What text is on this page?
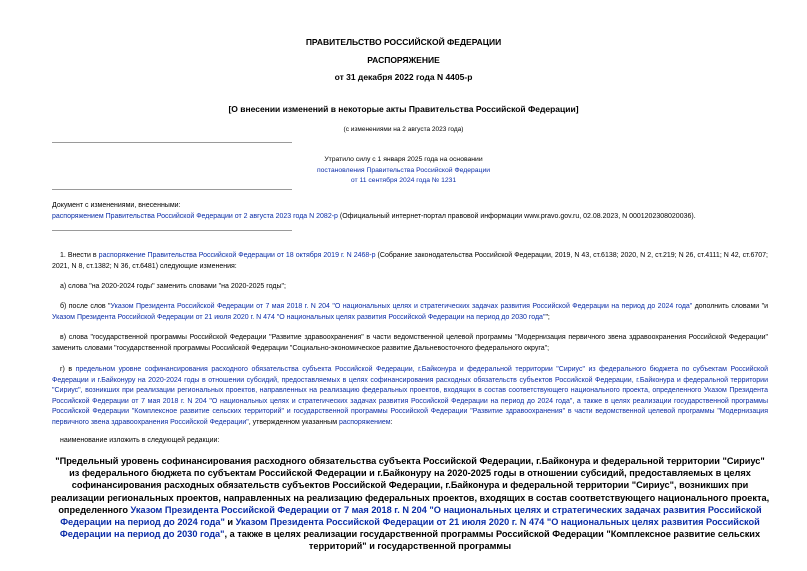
ПРАВИТЕЛЬСТВО РОССИЙСКОЙ ФЕДЕРАЦИИ
РАСПОРЯЖЕНИЕ
от 31 декабря 2022 года N 4405-р
[О внесении изменений в некоторые акты Правительства Российской Федерации]
(с изменениями на 2 августа 2023 года)
Утратило силу с 1 января 2025 года на основании
постановления Правительства Российской Федерации
от 11 сентября 2024 года № 1231
Документ с изменениями, внесенными:
распоряжением Правительства Российской Федерации от 2 августа 2023 года N 2082-р (Официальный интернет-портал правовой информации www.pravo.gov.ru, 02.08.2023, N 0001202308020036).
1. Внести в распоряжение Правительства Российской Федерации от 18 октября 2019 г. N 2468-р (Собрание законодательства Российской Федерации, 2019, N 43, ст.6138; 2020, N 2, ст.219; N 26, ст.4111; N 42, ст.6707; 2021, N 8, ст.1382; N 36, ст.6481) следующие изменения:
а) слова "на 2020-2024 годы" заменить словами "на 2020-2025 годы";
б) после слов "Указом Президента Российской Федерации от 7 мая 2018 г. N 204 "О национальных целях и стратегических задачах развития Российской Федерации на период до 2024 года" дополнить словами "и Указом Президента Российской Федерации от 21 июля 2020 г. N 474 "О национальных целях развития Российской Федерации на период до 2030 года"";
в) слова "государственной программы Российской Федерации "Развитие здравоохранения" в части ведомственной целевой программы "Модернизация первичного звена здравоохранения Российской Федерации" заменить словами "государственной программы Российской Федерации "Социально-экономическое развитие Дальневосточного федерального округа";
г) в предельном уровне софинансирования расходного обязательства субъекта Российской Федерации, г.Байконура и федеральной территории "Сириус" из федерального бюджета по субъектам Российской Федерации и г.Байконуру на 2020-2024 годы в отношении субсидий, предоставляемых в целях софинансирования расходных обязательств субъектов Российской Федерации, г.Байконура и федеральной территории "Сириус", возникших при реализации региональных проектов, направленных на реализацию федеральных проектов, входящих в состав соответствующего национального проекта, определенного Указом Президента Российской Федерации от 7 мая 2018 г. N 204 "О национальных целях и стратегических задачах развития Российской Федерации на период до 2024 года", а также в целях реализации государственной программы Российской Федерации "Комплексное развитие сельских территорий" и государственной программы Российской Федерации "Развитие здравоохранения" в части ведомственной целевой программы "Модернизация первичного звена здравоохранения Российской Федерации", утвержденном указанным распоряжением:
наименование изложить в следующей редакции:
"Предельный уровень софинансирования расходного обязательства субъекта Российской Федерации, г.Байконура и федеральной территории "Сириус" из федерального бюджета по субъектам Российской Федерации и г.Байконуру на 2020-2025 годы в отношении субсидий, предоставляемых в целях софинансирования расходных обязательств субъектов Российской Федерации, г.Байконура и федеральной территории "Сириус", возникших при реализации региональных проектов, направленных на реализацию федеральных проектов, входящих в состав соответствующего национального проекта, определенного Указом Президента Российской Федерации от 7 мая 2018 г. N 204 "О национальных целях и стратегических задачах развития Российской Федерации на период до 2024 года" и Указом Президента Российской Федерации от 21 июля 2020 г. N 474 "О национальных целях развития Российской Федерации на период до 2030 года", а также в целях реализации государственной программы Российской Федерации "Комплексное развитие сельских территорий" и государственной программы
